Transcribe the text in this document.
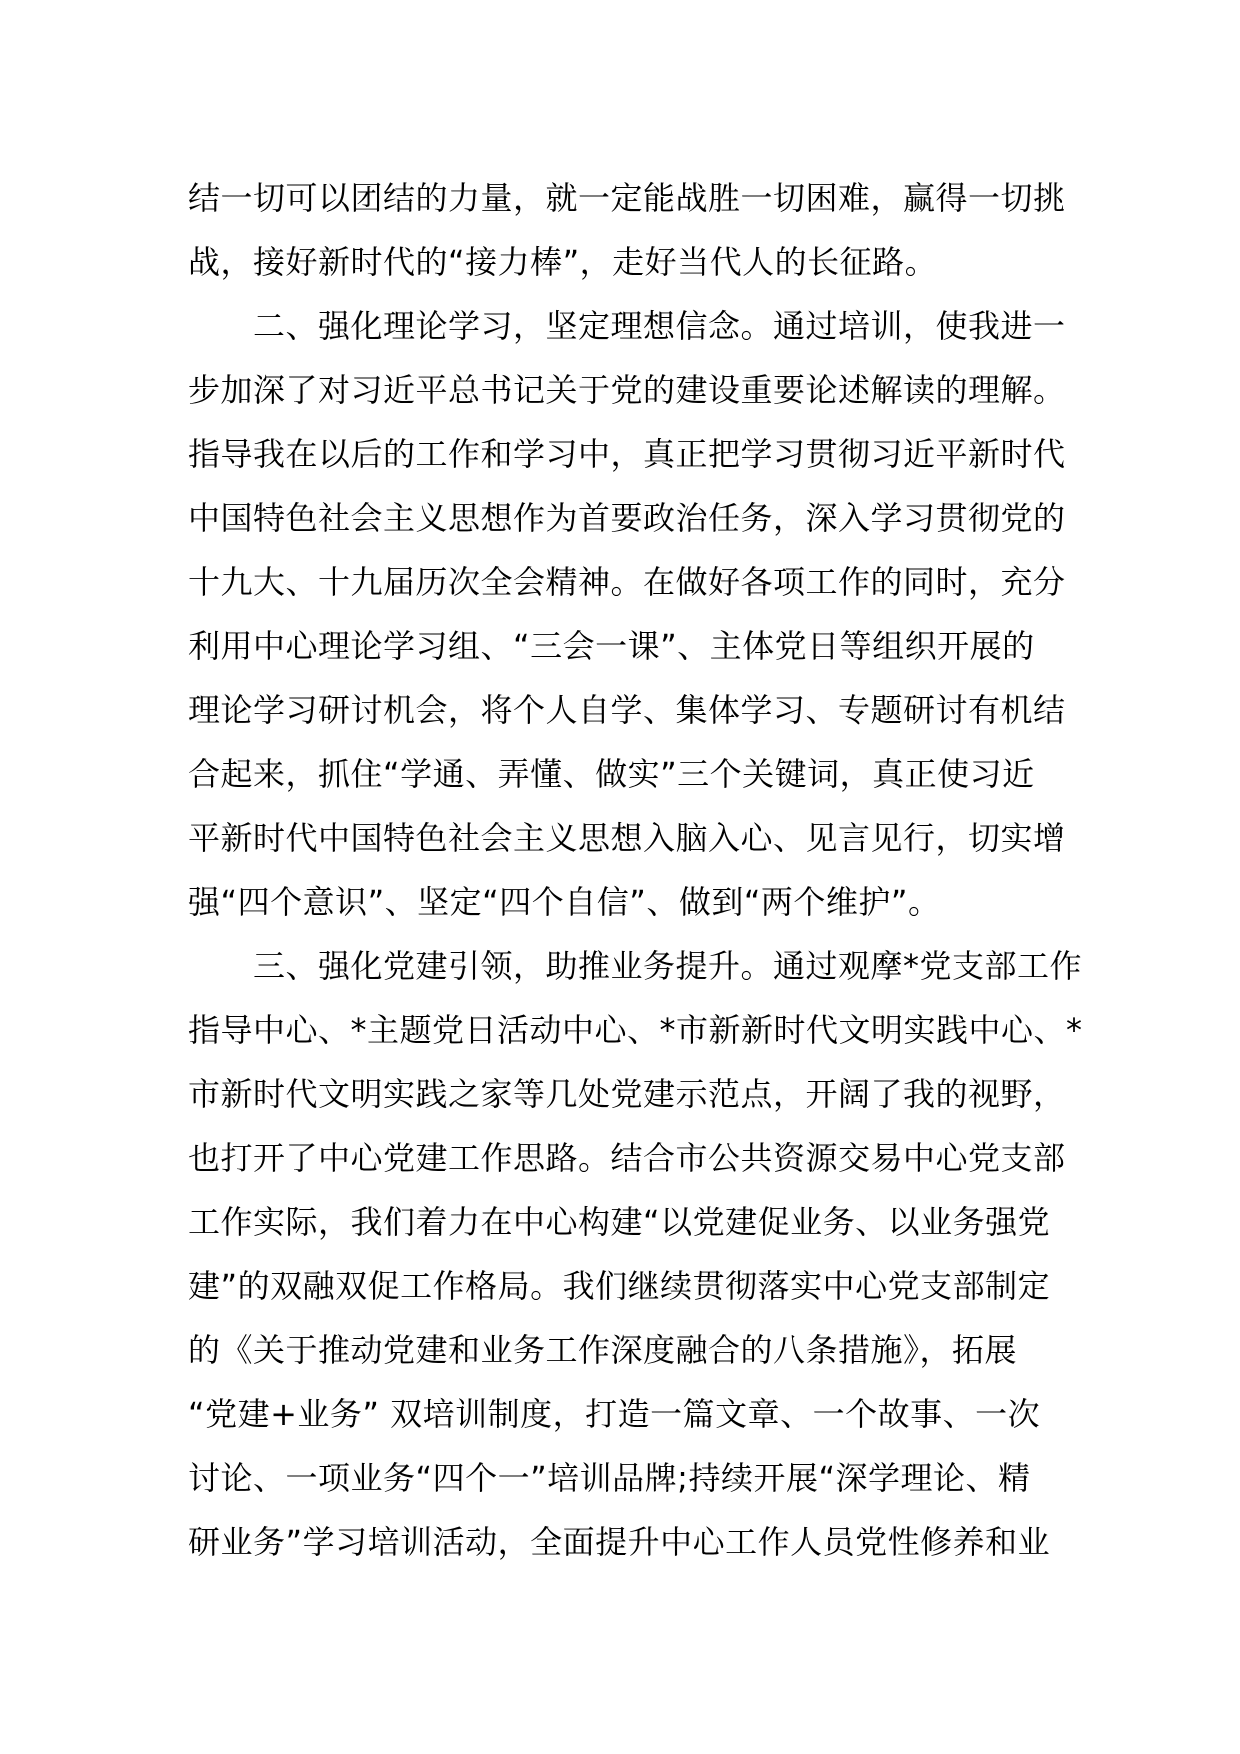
结一切可以团结的力量，就一定能战胜一切困难，赢得一切挑
战，接好新时代的“接力棒”，走好当代人的长征路。
　　二、强化理论学习，坚定理想信念。通过培训，使我进一
步加深了对习近平总书记关于党的建设重要论述解读的理解。
指导我在以后的工作和学习中，真正把学习贯彻习近平新时代
中国特色社会主义思想作为首要政治任务，深入学习贯彻党的
十九大、十九届历次全会精神。在做好各项工作的同时，充分
利用中心理论学习组、“三会一课”、主体党日等组织开展的
理论学习研讨机会，将个人自学、集体学习、专题研讨有机结
合起来，抓住“学通、弄懂、做实”三个关键词，真正使习近
平新时代中国特色社会主义思想入脑入心、见言见行，切实增
强“四个意识”、坚定“四个自信”、做到“两个维护”。
　　三、强化党建引领，助推业务提升。通过观摩*党支部工作
指导中心、*主题党日活动中心、*市新新时代文明实践中心、*
市新时代文明实践之家等几处党建示范点，开阔了我的视野，
也打开了中心党建工作思路。结合市公共资源交易中心党支部
工作实际，我们着力在中心构建“以党建促业务、以业务强党
建”的双融双促工作格局。我们继续贯彻落实中心党支部制定
的《关于推动党建和业务工作深度融合的八条措施》，拓展
“党建+业务” 双培训制度，打造一篇文章、一个故事、一次
讨论、一项业务“四个一”培训品牌;持续开展“深学理论、精
研业务”学习培训活动，全面提升中心工作人员党性修养和业
